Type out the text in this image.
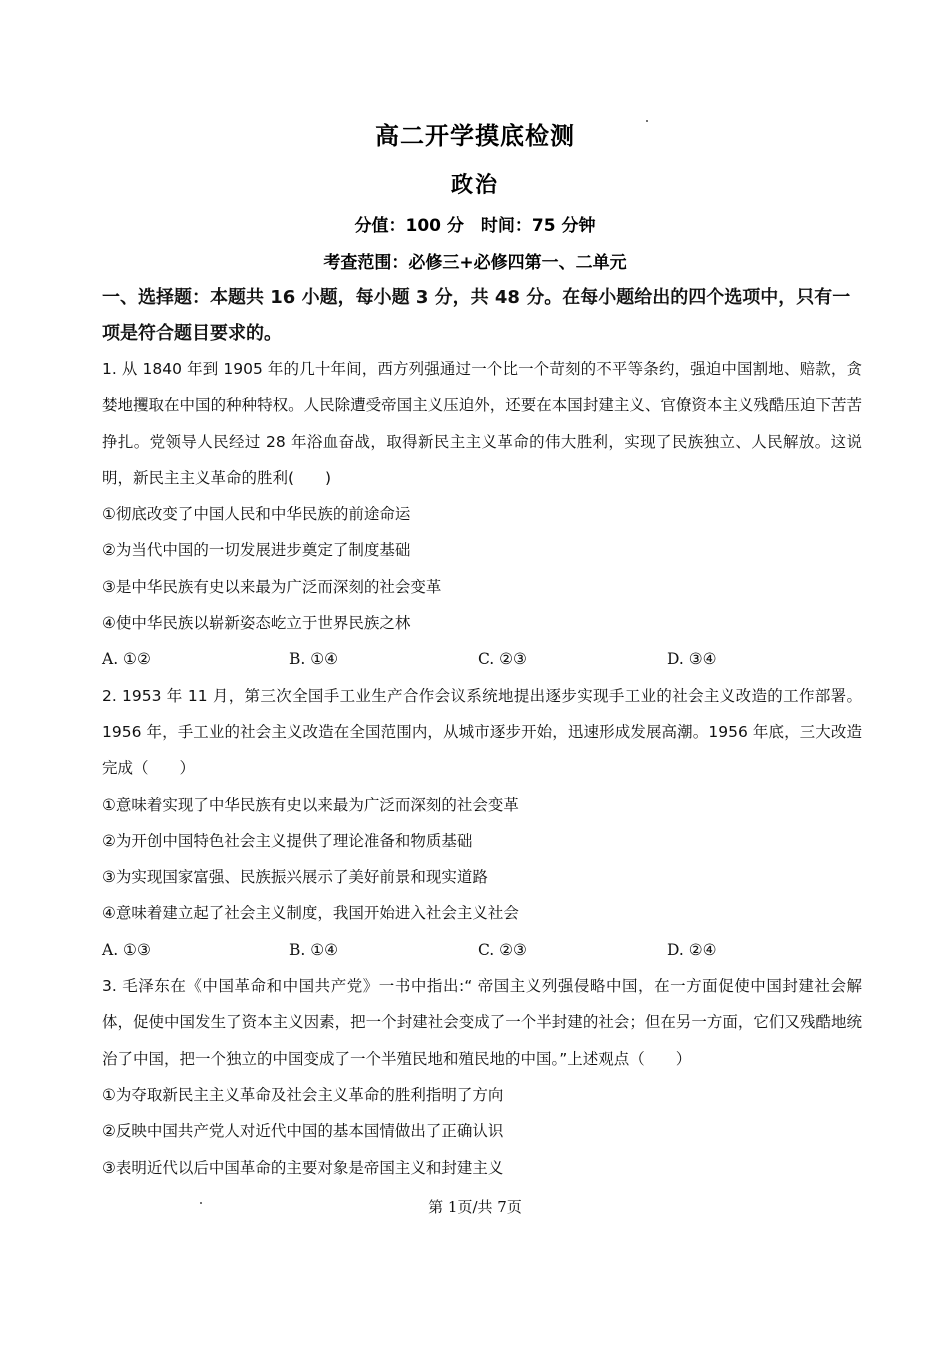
高二开学摸底检测
政治
分值：100 分　时间：75 分钟
考查范围：必修三+必修四第一、二单元
一、选择题：本题共 16 小题，每小题 3 分，共 48 分。在每小题给出的四个选项中，只有一项是符合题目要求的。

1. 从 1840 年到 1905 年的几十年间，西方列强通过一个比一个苛刻的不平等条约，强迫中国割地、赔款，贪婪地攫取在中国的种种特权。人民除遭受帝国主义压迫外，还要在本国封建主义、官僚资本主义残酷压迫下苦苦挣扎。党领导人民经过 28 年浴血奋战，取得新民主主义革命的伟大胜利，实现了民族独立、人民解放。这说明，新民主主义革命的胜利(　　)

①彻底改变了中国人民和中华民族的前途命运

②为当代中国的一切发展进步奠定了制度基础

③是中华民族有史以来最为广泛而深刻的社会变革

④使中华民族以崭新姿态屹立于世界民族之林

A. ①②	B. ①④	C. ②③	D. ③④

2. 1953 年 11 月，第三次全国手工业生产合作会议系统地提出逐步实现手工业的社会主义改造的工作部署。1956 年，手工业的社会主义改造在全国范围内，从城市逐步开始，迅速形成发展高潮。1956 年底，三大改造完成（　　）

①意味着实现了中华民族有史以来最为广泛而深刻的社会变革

②为开创中国特色社会主义提供了理论准备和物质基础

③为实现国家富强、民族振兴展示了美好前景和现实道路

④意味着建立起了社会主义制度，我国开始进入社会主义社会

A. ①③	B. ①④	C. ②③	D. ②④

3. 毛泽东在《中国革命和中国共产党》一书中指出:“ 帝国主义列强侵略中国，在一方面促使中国封建社会解体，促使中国发生了资本主义因素，把一个封建社会变成了一个半封建的社会；但在另一方面，它们又残酷地统治了中国，把一个独立的中国变成了一个半殖民地和殖民地的中国。”上述观点（　　）

①为夺取新民主主义革命及社会主义革命的胜利指明了方向

②反映中国共产党人对近代中国的基本国情做出了正确认识

③表明近代以后中国革命的主要对象是帝国主义和封建主义

第 1页/共 7页
